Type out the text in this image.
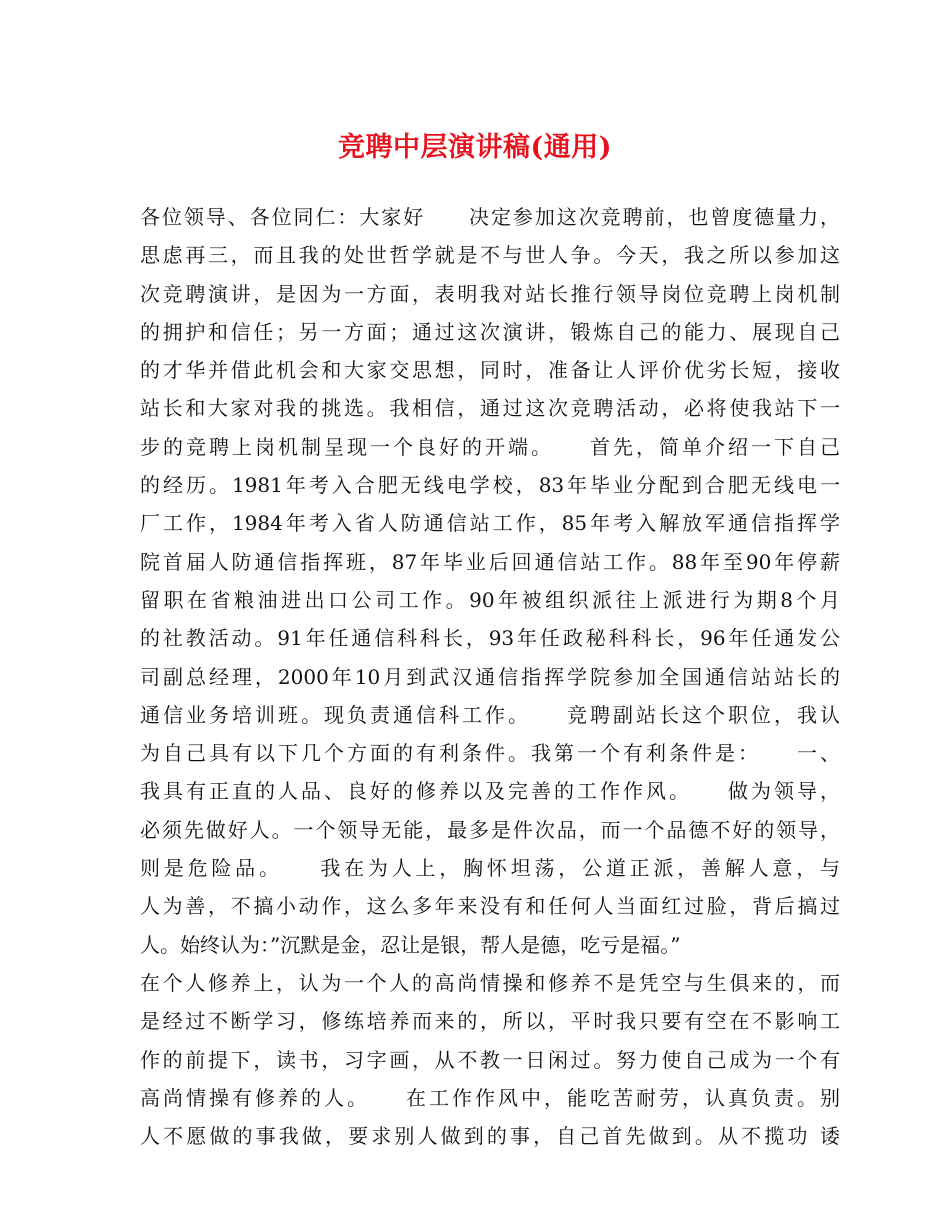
竞聘中层演讲稿(通用)
各位领导、各位同仁：大家好　　决定参加这次竞聘前，也曾度德量力，
思虑再三，而且我的处世哲学就是不与世人争。今天，我之所以参加这
次竞聘演讲，是因为一方面，表明我对站长推行领导岗位竞聘上岗机制
的拥护和信任；另一方面；通过这次演讲，锻炼自己的能力、展现自己
的才华并借此机会和大家交思想，同时，准备让人评价优劣长短，接收
站长和大家对我的挑选。我相信，通过这次竞聘活动，必将使我站下一
步的竞聘上岗机制呈现一个良好的开端。　　首先，简单介绍一下自己
的经历。1981年考入合肥无线电学校，83年毕业分配到合肥无线电一
厂工作，1984年考入省人防通信站工作，85年考入解放军通信指挥学
院首届人防通信指挥班，87年毕业后回通信站工作。88年至90年停薪
留职在省粮油进出口公司工作。90年被组织派往上派进行为期8个月
的社教活动。91年任通信科科长，93年任政秘科科长，96年任通发公
司副总经理，2000年10月到武汉通信指挥学院参加全国通信站站长的
通信业务培训班。现负责通信科工作。　　竞聘副站长这个职位，我认
为自己具有以下几个方面的有利条件。我第一个有利条件是：　　一、
我具有正直的人品、良好的修养以及完善的工作作风。　　做为领导，
必须先做好人。一个领导无能，最多是件次品，而一个品德不好的领导，
则是危险品。　　我在为人上，胸怀坦荡，公道正派，善解人意，与
人为善，不搞小动作，这么多年来没有和任何人当面红过脸，背后搞过
人。始终认为：”沉默是金，忍让是银，帮人是德，吃亏是福。”
在个人修养上，认为一个人的高尚情操和修养不是凭空与生俱来的，而
是经过不断学习，修练培养而来的，所以，平时我只要有空在不影响工
作的前提下，读书，习字画，从不教一日闲过。努力使自己成为一个有
高尚情操有修养的人。　　在工作作风中，能吃苦耐劳，认真负责。别
人不愿做的事我做，要求别人做到的事，自己首先做到。从不揽功 诿
